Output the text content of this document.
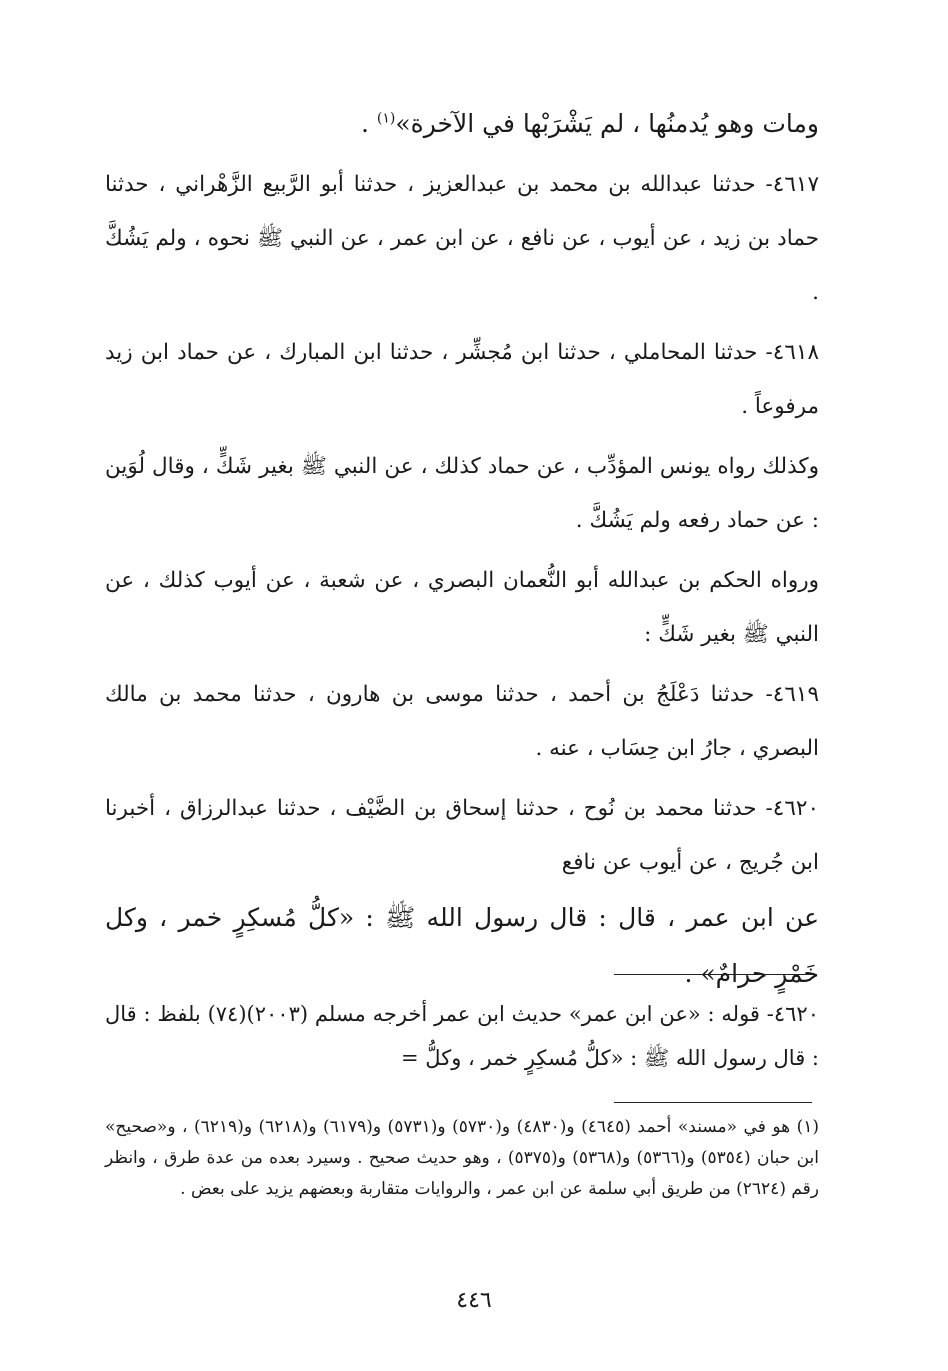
ومات وهو يُدمنُها ، لم يَشْرَبْها في الآخرة»$^{(١)}$ .

٤٦١٧- حدثنا عبدالله بن محمد بن عبدالعزيز ، حدثنا أبو الرَّبيع الزَّهْراني ، حدثنا حماد بن زيد ، عن أيوب ، عن نافع ، عن ابن عمر ، عن النبي ﷺ نحوه ، ولم يَشُكَّ .

٤٦١٨- حدثنا المحاملي ، حدثنا ابن مُجشِّر ، حدثنا ابن المبارك ، عن حماد ابن زيد مرفوعاً .

وكذلك رواه يونس المؤدِّب ، عن حماد كذلك ، عن النبي ﷺ بغير شَكٍّ ، وقال لُوَين : عن حماد رفعه ولم يَشُكَّ .

ورواه الحكم بن عبدالله أبو النُّعمان البصري ، عن شعبة ، عن أيوب كذلك ، عن النبي ﷺ بغير شَكٍّ :

٤٦١٩- حدثنا دَعْلَجُ بن أحمد ، حدثنا موسى بن هارون ، حدثنا محمد بن مالك البصري ، جارُ ابن حِسَاب ، عنه .

٤٦٢٠- حدثنا محمد بن نُوح ، حدثنا إسحاق بن الضَّيْف ، حدثنا عبدالرزاق ، أخبرنا ابن جُريج ، عن أيوب عن نافع

عن ابن عمر ، قال : قال رسول الله ﷺ : «كلُّ مُسكِرٍ خمر ، وكل خَمْرٍ حرامٌ» .

٤٦٢٠- قوله : «عن ابن عمر» حديث ابن عمر أخرجه مسلم (٢٠٠٣)(٧٤) بلفظ : قال : قال رسول الله ﷺ : «كلُّ مُسكِرٍ خمر ، وكلُّ =
(١) هو في «مسند» أحمد (٤٦٤٥) و(٤٨٣٠) و(٥٧٣٠) و(٥٧٣١) و(٦١٧٩) و(٦٢١٨) و(٦٢١٩) ، و«صحيح» ابن حبان (٥٣٥٤) و(٥٣٦٦) و(٥٣٦٨) و(٥٣٧٥) ، وهو حديث صحيح . وسيرد بعده من عدة طرق ، وانظر رقم (٢٦٢٤) من طريق أبي سلمة عن ابن عمر ، والروايات متقاربة وبعضهم يزيد على بعض .
٤٤٦
